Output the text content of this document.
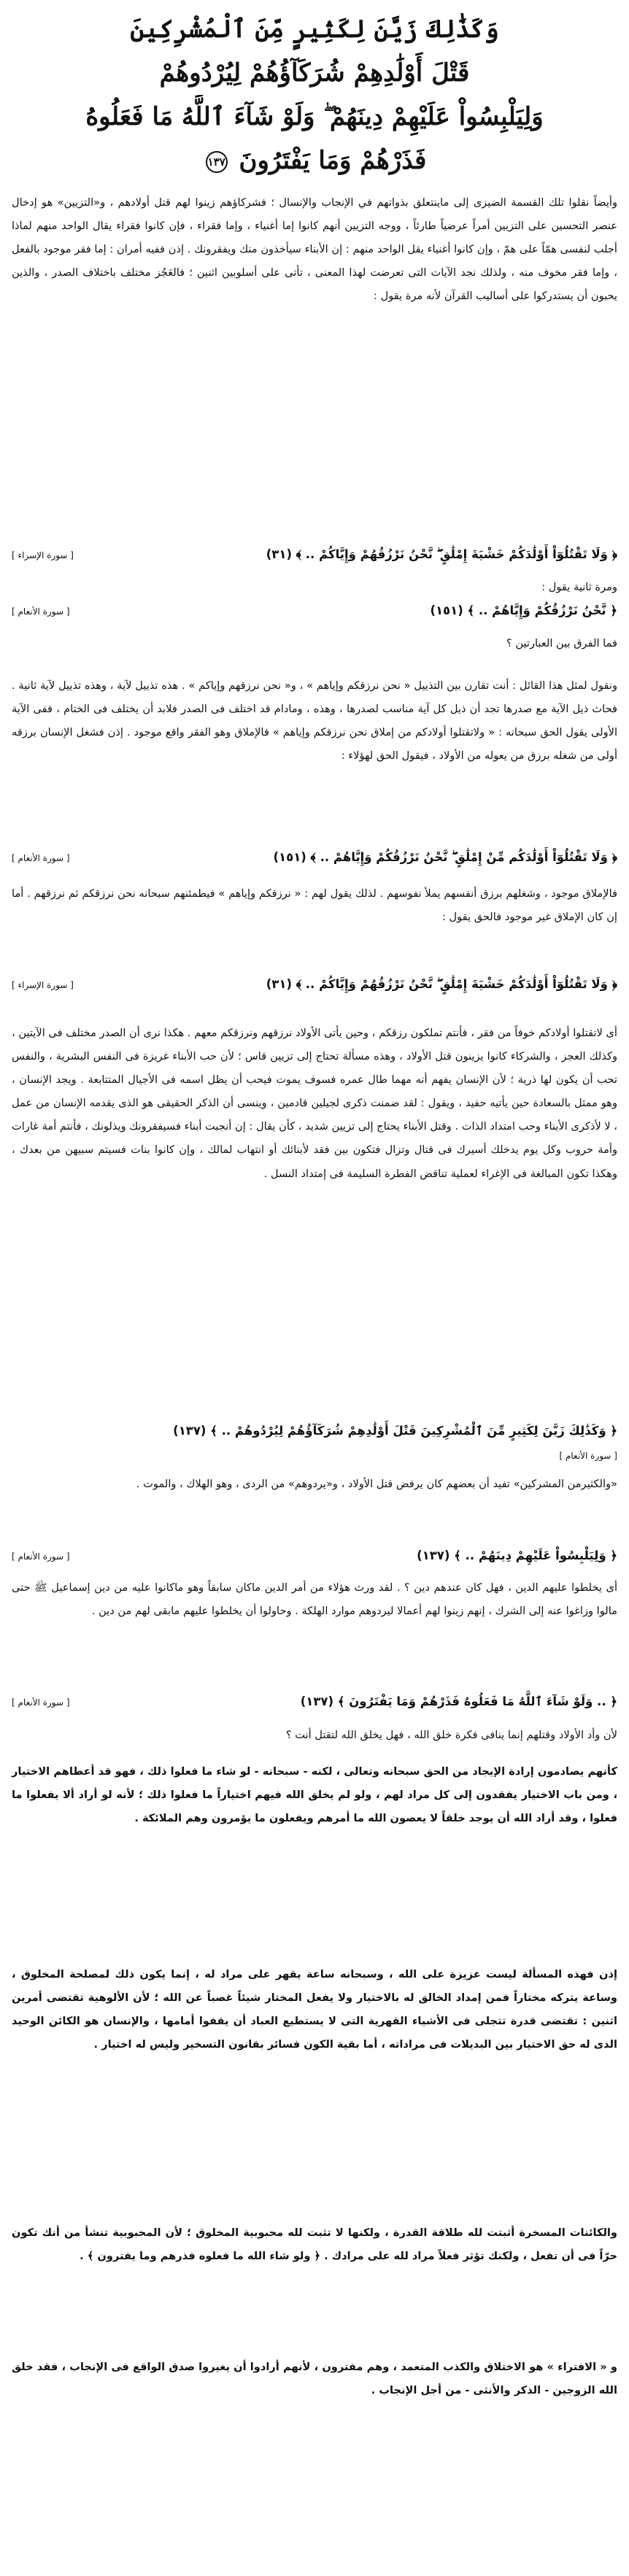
وَكَذَٰلِكَ زَيَّنَ لِكَثِيرٍ مِّنَ ٱلْمُشْرِكِينَ
قَتْلَ أَوْلَٰدِهِمْ شُرَكَآؤُهُمْ لِيُرْدُوهُمْ
وَلِيَلْبِسُواْ عَلَيْهِمْ دِينَهُمْ ۖ وَلَوْ شَآءَ ٱللَّهُ مَا فَعَلُوهُ
فَذَرْهُمْ وَمَا يَفْتَرُونَ ١٣٧

وأيضاً نقلوا تلك القسمة الضيزى إلى ماينتعلق بذواتهم في الإنجاب والإنسال ؛ فشركاؤهم زينوا لهم قتل أولادهم ، و«التزيين» هو إدخال عنصر التحسين على التزيين أمراً عرضياً طارئاً ، ووجه التزيين أنهم كانوا إما أغنياء ، وإما فقراء ، فإن كانوا فقراء يقال الواحد منهم لماذا أجلب لنفسى همّاً على همّ ، وإن كانوا أغنياء يقل الواحد منهم : إن الأبناء سيأخذون منك ويفقرونك . إذن ففيه أمران : إما فقر موجود بالفعل ، وإما فقر مخوف منه ، ولذلك نجد الآيات التى تعرضت لهذا المعنى ، تأتى على أسلوبين اثنين ؛ فالعَجُز مختلف باختلاف الصدر ، والذين يحبون أن يستدركوا على أساليب القرآن لأنه مرة يقول :

﴿ وَلَا تَقْتُلُوٓاْ أَوْلَٰدَكُمْ خَشْيَةَ إِمْلَٰقٍ ۖ نَّحْنُ نَرْزُقُهُمْ وَإِيَّاكُمْ .. ﴾ (٣١)
[ سورة الإسراء ]

ومرة ثانية يقول :

﴿ نَّحْنُ نَرْزُقُكُمْ وَإِيَّاهُمْ .. ﴾ (١٥١)
[ سورة الأنعام ]

فما الفرق بين العبارتين ؟

ونقول لمثل هذا القائل : أنت تقارن بين التذييل « نحن نرزقكم وإياهم » ، و« نحن نرزقهم وإياكم » . هذه تذييل لآية ، وهذه تذييل لآية ثانية . فحاث ذيل الآية مع صدرها تجد أن ذيل كل آية مناسب لصدرها ، وهذه ، ومادام قد اختلف فى الصدر فلابد أن يختلف فى الختام ، ففى الآية الأولى يقول الحق سبحانه : « ولاتقتلوا أولادكم من إملاق نحن نرزقكم وإياهم » فالإملاق وهو الفقر واقع موجود . إذن فشغل الإنسان برزقه أولى من شغله برزق من يعوله من الأولاد ، فيقول الحق لهؤلاء :

﴿ وَلَا تَقْتُلُوٓاْ أَوْلَٰدَكُم مِّنْ إِمْلَٰقٍ ۖ نَّحْنُ نَرْزُقُكُمْ وَإِيَّاهُمْ .. ﴾ (١٥١)
[ سورة الأنعام ]

فالإملاق موجود ، وشغلهم برزق أنفسهم يملأ نفوسهم . لذلك يقول لهم : « نرزقكم وإياهم » فيطمئنهم سبحانه نحن نرزقكم ثم نرزقهم . أما إن كان الإملاق غير موجود فالحق يقول :

﴿ وَلَا تَقْتُلُوٓاْ أَوْلَٰدَكُمْ خَشْيَةَ إِمْلَٰقٍ ۖ نَّحْنُ نَرْزُقُهُمْ وَإِيَّاكُمْ .. ﴾ (٣١)
[ سورة الإسراء ]

أى لاتقتلوا أولادكم خوفاً من فقر ، فأنتم تملكون رزقكم ، وحين يأتى الأولاد نرزقهم ونرزقكم معهم . هكذا نرى أن الصدر مختلف فى الآيتين ، وكذلك العجز ، والشركاء كانوا يزينون قتل الأولاد ، وهذه مسألة تحتاج إلى تزيين قاس ؛ لأن حب الأبناء غريزة فى النفس البشرية ، والنفس تحب أن يكون لها ذرية ؛ لأن الإنسان يفهم أنه مهما طال عمره فسوف يموت فيحب أن يظل اسمه فى الأجيال المتتابعة . ويجد الإنسان ، وهو ممثل بالسعادة حين يأتيه حفيد ، ويقول : لقد ضمنت ذكرى لجيلين قادمين ، وينسى أن الذكر الحقيقى هو الذى يقدمه الإنسان من عمل ، لا لأذكرى الأبناء وحب امتداد الذات . وقتل الأبناء يحتاج إلى تزيين شديد ، كأن يقال : إن أنجبت أبناء فسيفقرونك ويذلونك ، فأنتم أمة غارات وأمة حروب وكل يوم يدخلك أسيرك فى قتال وتزال فتكون بين فقد لأبنائك أو انتهاب لمالك ، وإن كانوا بنات فسيتم سبيهن من بعدك ، وهكذا تكون المبالغة فى الإغراء لعملية تناقض الفطرة السليمة فى إمتداد النسل .

﴿ وَكَذَٰلِكَ زَيَّنَ لِكَثِيرٍ مِّنَ ٱلْمُشْرِكِينَ قَتْلَ أَوْلَٰدِهِمْ شُرَكَآؤُهُمْ لِيُرْدُوهُمْ .. ﴾ (١٣٧)
[ سورة الأنعام ]

«والكثيرمن المشركين» تفيد أن بعضهم كان يرفض قتل الأولاد ، و«يردوهم» من الردى ، وهو الهلاك ، والموت .

﴿ وَلِيَلْبِسُواْ عَلَيْهِمْ دِينَهُمْ .. ﴾ (١٣٧)
[ سورة الأنعام ]

أى يخلطوا عليهم الدين ، فهل كان عندهم دين ؟ . لقد ورث هؤلاء من أمر الدين ماكان سابقاً وهو ماكانوا عليه من دين إسماعيل ﷺ حتى مالوا وزاغوا عنه إلى الشرك ، إنهم زينوا لهم أعمالا ليردوهم موارد الهلكة . وحاولوا أن يخلطوا عليهم مابقى لهم من دين .

﴿ .. وَلَوْ شَآءَ ٱللَّهُ مَا فَعَلُوهُ فَذَرْهُمْ وَمَا يَفْتَرُونَ ﴾ (١٣٧)
[ سورة الأنعام ]

لأن وأد الأولاد وقتلهم إنما ينافى فكرة خلق الله ، فهل يخلق الله لتقتل أنت ؟

كأنهم يصادمون إرادة الإيجاد من الحق سبحانه وتعالى ، لكنه - سبحانه - لو شاء ما فعلوا ذلك ، فهو قد أعطاهم الاختيار ، ومن باب الاختيار يفقدون إلى كل مراد لهم ، ولو لم يخلق الله فيهم اختياراً ما فعلوا ذلك ؛ لأنه لو أراد ألا يفعلوا ما فعلوا ، وقد أراد الله أن يوجد خلقاً لا يعصون الله ما أمرهم ويفعلون ما يؤمرون وهم الملائكة .

إذن فهذه المسألة ليست عزيزة على الله ، وسبحانه ساعة يقهر على مراد له ، إنما يكون ذلك لمصلحة المخلوق ، وساعة يتركه مختاراً فمن إمداد الخالق له بالاختيار ولا يفعل المختار شيئاً غصباً عن الله ؛ لأن الألوهية تقتضى أمرين اثنين : تقتضى قدرة تتجلى فى الأشياء القهرية التى لا يستطيع العباد أن يقفوا أمامها ، والإنسان هو الكائن الوحيد الذى له حق الاختيار بين البديلات فى مراداته ، أما بقية الكون فسائر بقانون التسخير وليس له اختيار .

والكائنات المسخرة أثبتت لله طلاقة القدرة ، ولكنها لا تثبت لله محبوبية المخلوق ؛ لأن المحبوبية تنشأ من أنك تكون حرّاً فى أن تفعل ، ولكنك تؤثر فعلاً مراد لله على مرادك . ﴿ ولو شاء الله ما فعلوه فذرهم وما يفترون ﴾ .

و « الافتراء » هو الاختلاق والكذب المتعمد ، وهم مفترون ، لأنهم أرادوا أن يغيروا صدق الواقع فى الإنجاب ، فقد خلق الله الزوجين - الذكر والأنثى - من أجل الإنجاب .
